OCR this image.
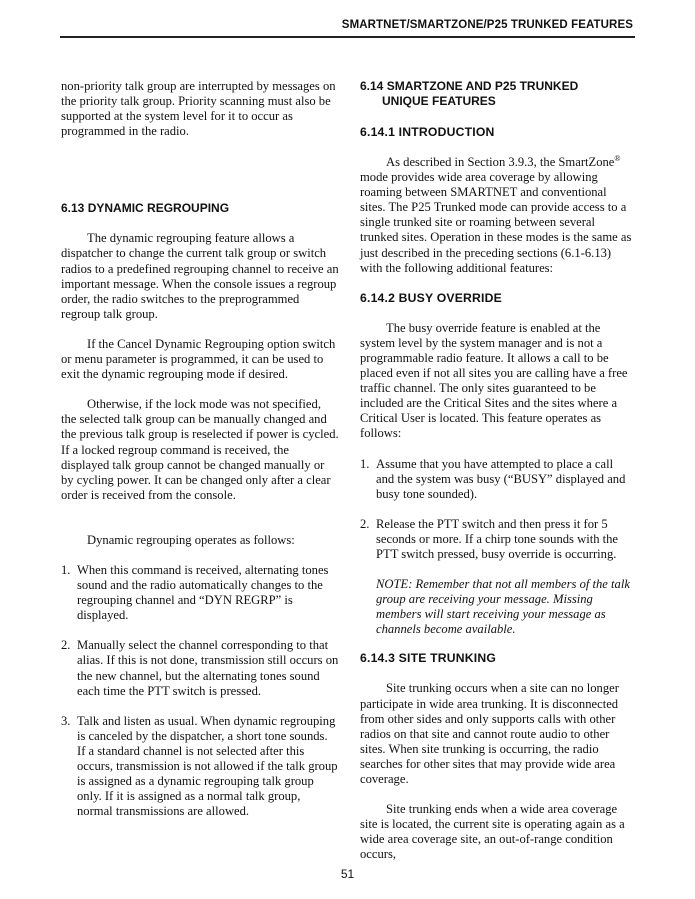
SMARTNET/SMARTZONE/P25 TRUNKED FEATURES

non-priority talk group are interrupted by messages on the priority talk group. Priority scanning must also be supported at the system level for it to occur as programmed in the radio.

6.13 DYNAMIC REGROUPING

The dynamic regrouping feature allows a dispatcher to change the current talk group or switch radios to a predefined regrouping channel to receive an important message. When the console issues a regroup order, the radio switches to the preprogrammed regroup talk group.

If the Cancel Dynamic Regrouping option switch or menu parameter is programmed, it can be used to exit the dynamic regrouping mode if desired.

Otherwise, if the lock mode was not specified, the selected talk group can be manually changed and the previous talk group is reselected if power is cycled. If a locked regroup command is received, the displayed talk group cannot be changed manually or by cycling power. It can be changed only after a clear order is received from the console.

Dynamic regrouping operates as follows:

1. When this command is received, alternating tones sound and the radio automatically changes to the regrouping channel and “DYN REGRP” is displayed.
2. Manually select the channel corresponding to that alias. If this is not done, transmission still occurs on the new channel, but the alternating tones sound each time the PTT switch is pressed.
3. Talk and listen as usual. When dynamic regrouping is canceled by the dispatcher, a short tone sounds. If a standard channel is not selected after this occurs, transmission is not allowed if the talk group is assigned as a dynamic regrouping talk group only. If it is assigned as a normal talk group, normal transmissions are allowed.
6.14 SMARTZONE AND P25 TRUNKED
UNIQUE FEATURES
6.14.1 INTRODUCTION

As described in Section 3.9.3, the SmartZone® mode provides wide area coverage by allowing roaming between SMARTNET and conventional sites. The P25 Trunked mode can provide access to a single trunked site or roaming between several trunked sites. Operation in these modes is the same as just described in the preceding sections (6.1-6.13) with the following additional features:

6.14.2 BUSY OVERRIDE

The busy override feature is enabled at the system level by the system manager and is not a programmable radio feature. It allows a call to be placed even if not all sites you are calling have a free traffic channel. The only sites guaranteed to be included are the Critical Sites and the sites where a Critical User is located. This feature operates as follows:

1. Assume that you have attempted to place a call and the system was busy (“BUSY” displayed and busy tone sounded).
2. Release the PTT switch and then press it for 5 seconds or more. If a chirp tone sounds with the PTT switch pressed, busy override is occurring.

NOTE: Remember that not all members of the talk group are receiving your message. Missing members will start receiving your message as channels become available.

6.14.3 SITE TRUNKING

Site trunking occurs when a site can no longer participate in wide area trunking. It is disconnected from other sides and only supports calls with other radios on that site and cannot route audio to other sites. When site trunking is occurring, the radio searches for other sites that may provide wide area coverage.

Site trunking ends when a wide area coverage site is located, the current site is operating again as a wide area coverage site, an out-of-range condition occurs,

51
